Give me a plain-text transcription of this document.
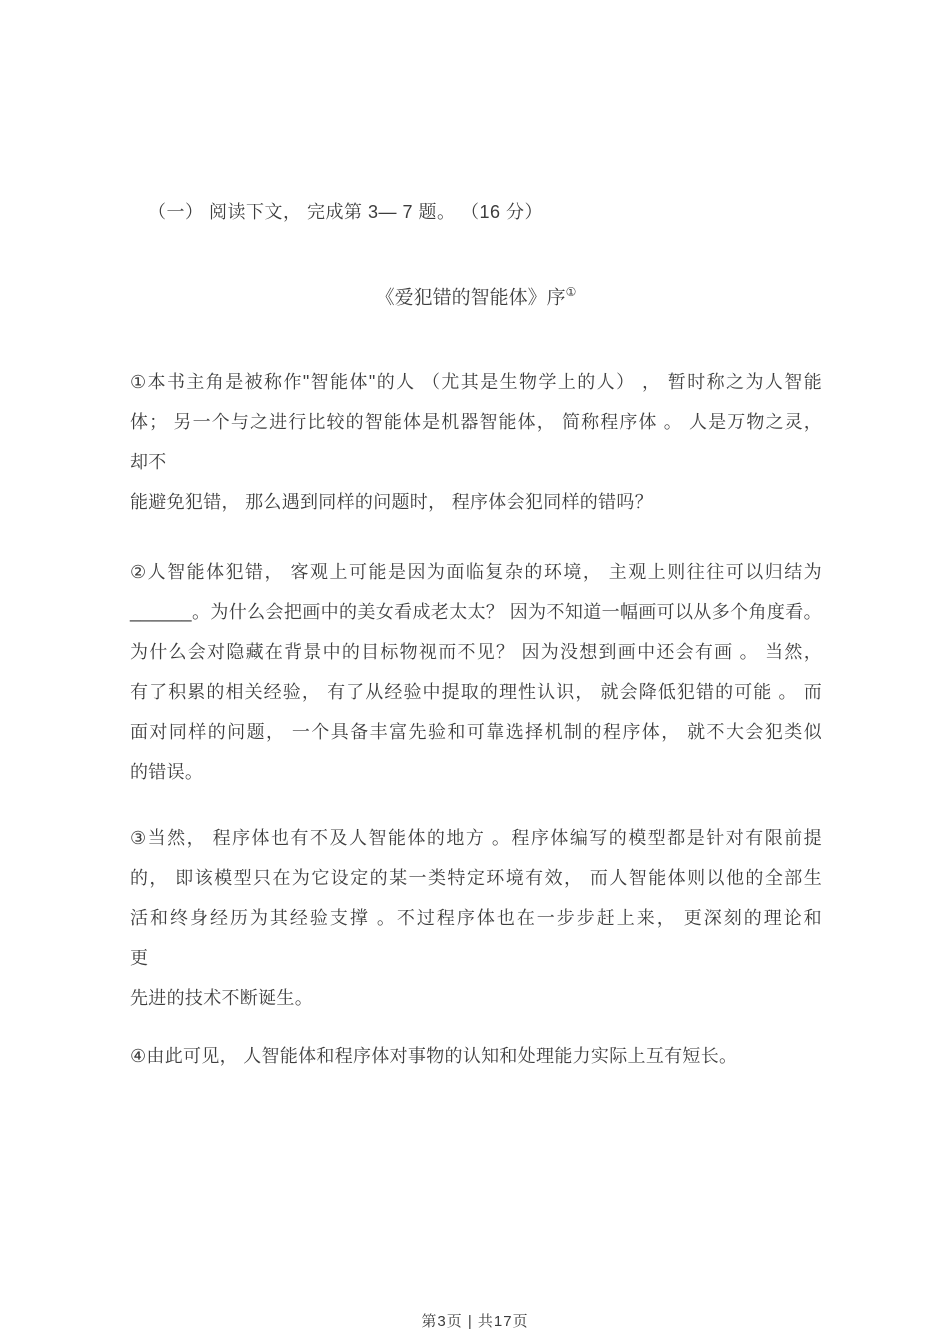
（一） 阅读下文， 完成第 3— 7 题。 （16 分）
《爱犯错的智能体》序①
①本书主角是被称作"智能体"的人 （尤其是生物学上的人） ， 暂时称之为人智能
体； 另一个与之进行比较的智能体是机器智能体， 简称程序体 。 人是万物之灵，
却不
能避免犯错， 那么遇到同样的问题时， 程序体会犯同样的错吗？
②人智能体犯错， 客观上可能是因为面临复杂的环境， 主观上则往往可以归结为
______。为什么会把画中的美女看成老太太？ 因为不知道一幅画可以从多个角度看。
为什么会对隐藏在背景中的目标物视而不见？ 因为没想到画中还会有画 。 当然，
有了积累的相关经验， 有了从经验中提取的理性认识， 就会降低犯错的可能 。 而
面对同样的问题， 一个具备丰富先验和可靠选择机制的程序体， 就不大会犯类似
的错误。
③当然， 程序体也有不及人智能体的地方 。程序体编写的模型都是针对有限前提
的， 即该模型只在为它设定的某一类特定环境有效， 而人智能体则以他的全部生
活和终身经历为其经验支撑 。不过程序体也在一步步赶上来， 更深刻的理论和
更
先进的技术不断诞生。
④由此可见， 人智能体和程序体对事物的认知和处理能力实际上互有短长。
第3页 | 共17页
